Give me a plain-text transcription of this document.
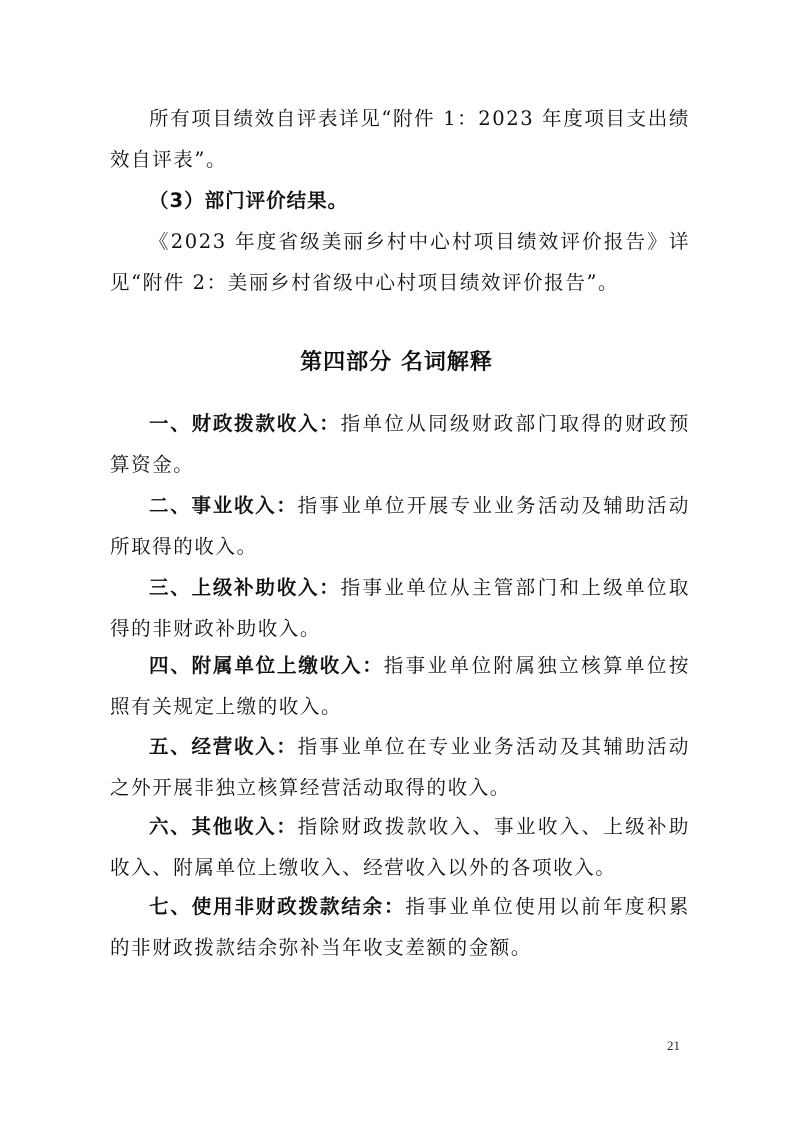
所有项目绩效自评表详见“附件 1：2023 年度项目支出绩效自评表”。

（3）部门评价结果。

《2023 年度省级美丽乡村中心村项目绩效评价报告》详见“附件 2：美丽乡村省级中心村项目绩效评价报告”。

第四部分 名词解释

一、财政拨款收入：指单位从同级财政部门取得的财政预算资金。

二、事业收入：指事业单位开展专业业务活动及辅助活动所取得的收入。

三、上级补助收入：指事业单位从主管部门和上级单位取得的非财政补助收入。

四、附属单位上缴收入：指事业单位附属独立核算单位按照有关规定上缴的收入。

五、经营收入：指事业单位在专业业务活动及其辅助活动之外开展非独立核算经营活动取得的收入。

六、其他收入：指除财政拨款收入、事业收入、上级补助收入、附属单位上缴收入、经营收入以外的各项收入。

七、使用非财政拨款结余：指事业单位使用以前年度积累的非财政拨款结余弥补当年收支差额的金额。

21
